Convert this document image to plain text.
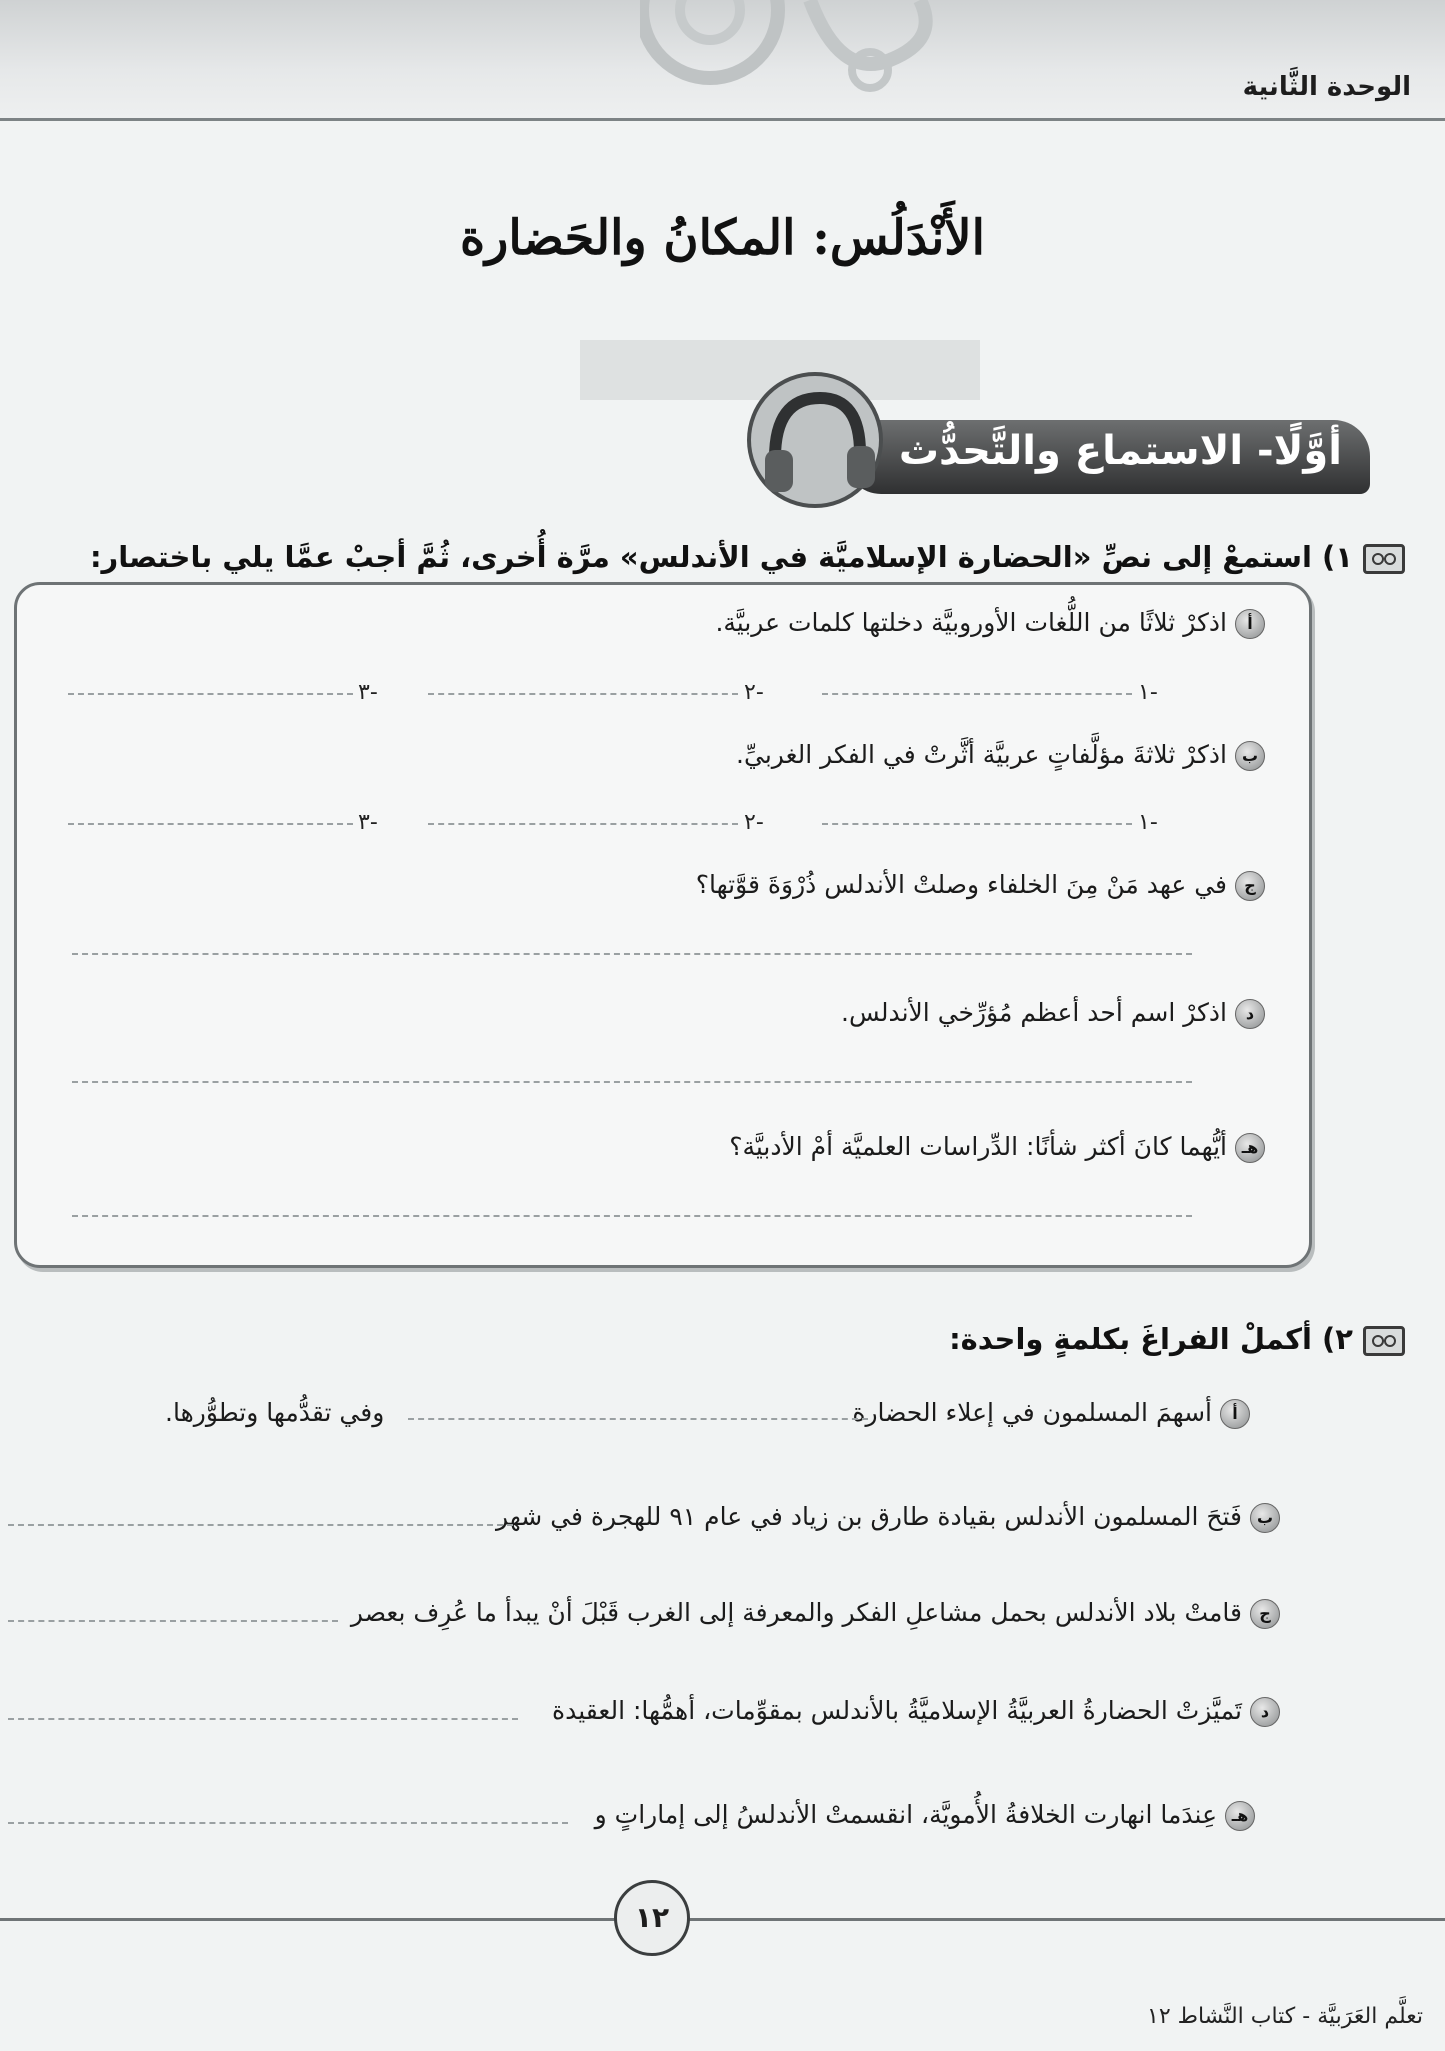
الوحدة الثَّانية
الأَنْدَلُس: المكانُ والحَضارة
أوَّلًا- الاستماع والتَّحدُّث
١) استمعْ إلى نصِّ «الحضارة الإسلاميَّة في الأندلس» مرَّة أُخرى، ثُمَّ أجبْ عمَّا يلي باختصار:
أاذكرْ ثلاثًا من اللُّغات الأوروبيَّة دخلتها كلمات عربيَّة.
١-
٢-
٣-
باذكرْ ثلاثةَ مؤلَّفاتٍ عربيَّة أثَّرتْ في الفكر الغربيِّ.
١-
٢-
٣-
جفي عهد مَنْ مِنَ الخلفاء وصلتْ الأندلس ذُرْوَةَ قوَّتها؟
داذكرْ اسم أحد أعظم مُؤرِّخي الأندلس.
هـأيُّهما كانَ أكثر شأنًا: الدِّراسات العلميَّة أمْ الأدبيَّة؟
٢) أكملْ الفراغَ بكلمةٍ واحدة:
أأسهمَ المسلمون في إعلاء الحضارة
وفي تقدُّمها وتطوُّرها.
بفَتحَ المسلمون الأندلس بقيادة طارق بن زياد في عام ٩١ للهجرة في شهر
جقامتْ بلاد الأندلس بحمل مشاعلِ الفكر والمعرفة إلى الغرب قَبْلَ أنْ يبدأ ما عُرِف بعصر
دتَميَّزتْ الحضارةُ العربيَّةُ الإسلاميَّةُ بالأندلس بمقوِّمات، أهمُّها: العقيدة
هـعِندَما انهارت الخلافةُ الأُمويَّة، انقسمتْ الأندلسُ إلى إماراتٍ و
١٢
تعلَّم العَرَبيَّة - كتاب النَّشاط ١٢
